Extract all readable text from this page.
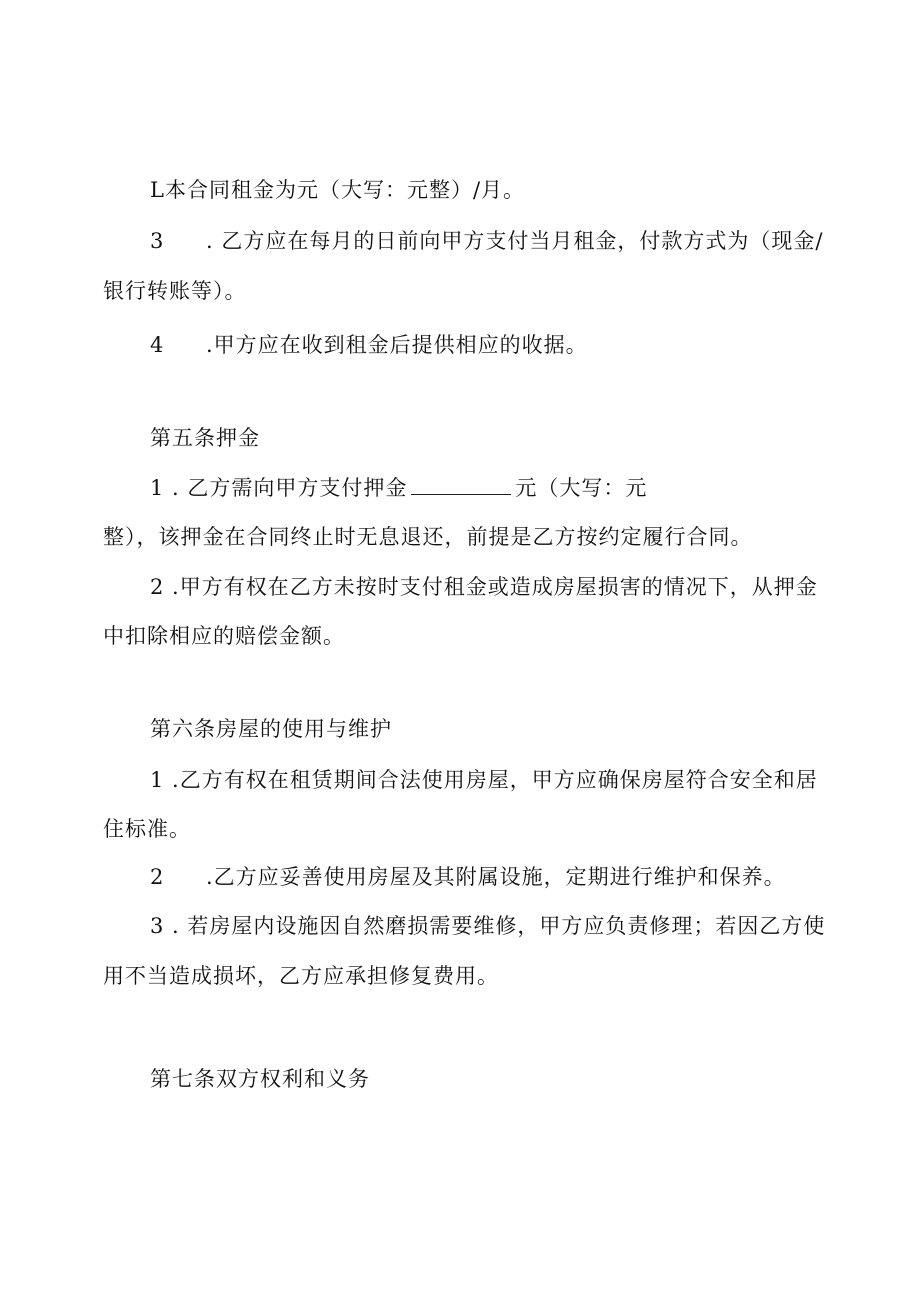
L本合同租金为元（大写：元整）/月。
3 . 乙方应在每月的日前向甲方支付当月租金，付款方式为（现金/
银行转账等）。
4 .甲方应在收到租金后提供相应的收据。
第五条押金
1 . 乙方需向甲方支付押金	元（大写：元
整），该押金在合同终止时无息退还，前提是乙方按约定履行合同。
2 .甲方有权在乙方未按时支付租金或造成房屋损害的情况下，从押金
中扣除相应的赔偿金额。
第六条房屋的使用与维护
1 .乙方有权在租赁期间合法使用房屋，甲方应确保房屋符合安全和居
住标准。
2 .乙方应妥善使用房屋及其附属设施，定期进行维护和保养。
3 . 若房屋内设施因自然磨损需要维修，甲方应负责修理；若因乙方使
用不当造成损坏，乙方应承担修复费用。
第七条双方权利和义务
